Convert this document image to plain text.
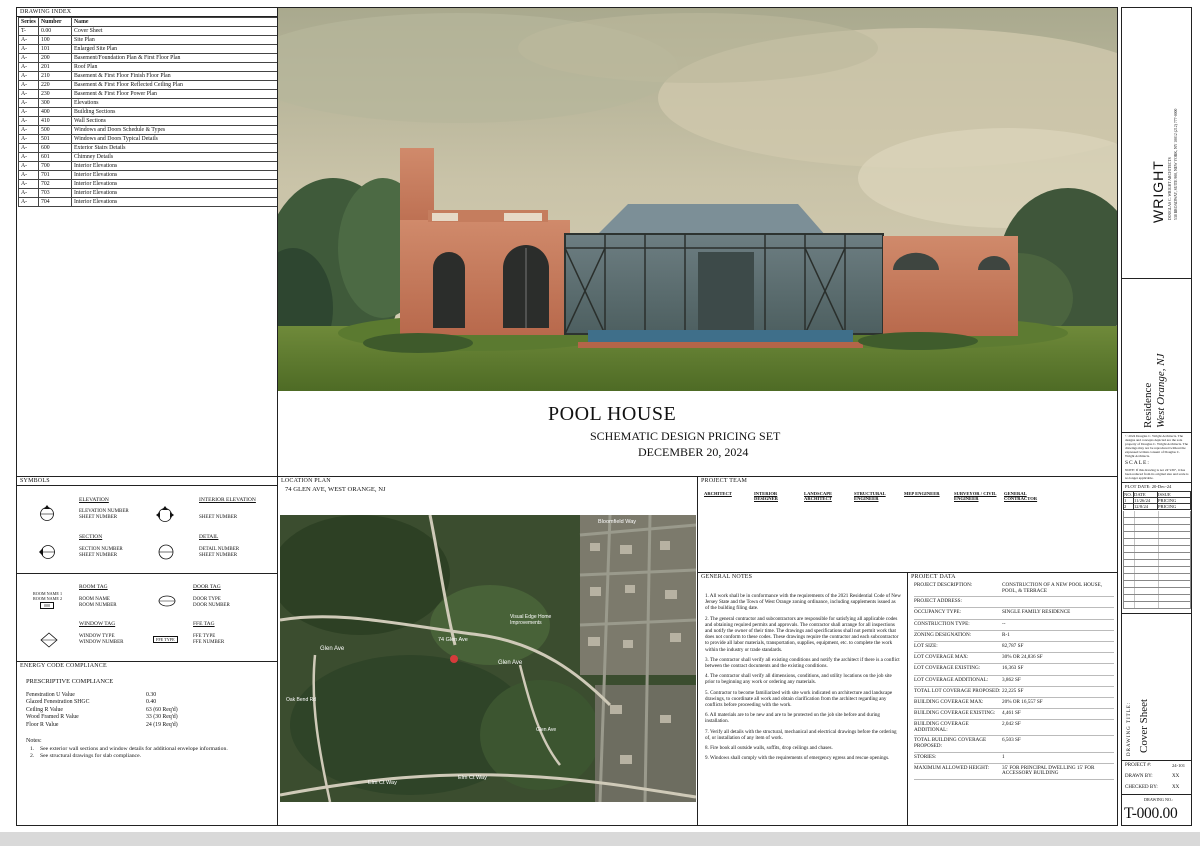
DRAWING INDEX
Series	Number	Name
T-	0.00	Cover Sheet
A-	100	Site Plan
A-	101	Enlarged Site Plan
A-	200	Basement/Foundation Plan & First Floor Plan
A-	201	Roof Plan
A-	210	Basement & First Floor Finish Floor Plan
A-	220	Basement & First Floor Reflected Ceiling Plan
A-	230	Basement & First Floor Power Plan
A-	300	Elevations
A-	400	Building Sections
A-	410	Wall Sections
A-	500	Windows and Doors Schedule & Types
A-	501	Windows and Doors Typical Details
A-	600	Exterior Stairs Details
A-	601	Chimney Details
A-	700	Interior Elevations
A-	701	Interior Elevations
A-	702	Interior Elevations
A-	703	Interior Elevations
A-	704	Interior Elevations
POOL HOUSE
SCHEMATIC DESIGN PRICING SET
DECEMBER 20, 2024
SYMBOLS
ELEVATION
ELEVATION NUMBER
SHEET NUMBER
INTERIOR ELEVATION
SHEET NUMBER
SECTION
SECTION NUMBER
SHEET NUMBER
DETAIL
DETAIL NUMBER
SHEET NUMBER
ROOM NAME 1
ROOM NAME 2
000
ROOM TAG
ROOM NAME
ROOM NUMBER
DOOR TAG
DOOR TYPE
DOOR NUMBER
WINDOW TAG
WINDOW TYPE
WINDOW NUMBER
FFE TYPE
FFE TAG
FFE TYPE
FFE NUMBER
ENERGY CODE COMPLIANCE
PRESCRIPTIVE COMPLIANCE
Fenestration U Value	0.30
Glazed Fenestration SHGC	0.40
Ceiling R Value	63 (60 Req'd)
Wood Framed R Value	33 (30 Req'd)
Floor R Value	24 (19 Req'd)
Notes:
1.    See exterior wall sections and window details for additional envelope information.
2.    See structural drawings for slab compliance.
LOCATION PLAN
74 GLEN AVE, WEST ORANGE, NJ
Glen Ave
Glen Ave
74 Glen Ave
Visual Edge Home Improvements
Elm Ct Way
Elm Ct Way
Bloomfield Way
Oak Bend Rd
Glen Ave
PROJECT TEAM
ARCHITECT	INTERIOR DESIGNER
LANDSCAPE ARCHITECT
STRUCTURAL ENGINEER
MEP ENGINEER	SURVEYOR / CIVIL ENGINEER
GENERAL CONTRACTOR
GENERAL NOTES
1. All work shall be in conformance with the requirements of the 2021 Residential Code of New Jersey State and the Town of West Orange zoning ordinance, including supplements issued as of the building filing date.
2. The general contractor and subcontractors are responsible for satisfying all applicable codes and obtaining required permits and approvals. The contractor shall arrange for all inspections and notify the owner of their time. The drawings and specifications shall not permit work that does not conform to these codes. These drawings require the contractor and each subcontractor to provide all labor materials, transportation, supplies, equipment, etc. to complete the work within the industry or trade standards.
3. The contractor shall verify all existing conditions and notify the architect if there is a conflict between the contract documents and the existing conditions.
4. The contractor shall verify all dimensions, conditions, and utility locations on the job site prior to beginning any work or ordering any materials.
5. Contractor to become familiarized with site work indicated on architecture and landscape drawings, to coordinate all work and obtain clarification from the architect regarding any conflicts before proceeding with the work.
6. All materials are to be new and are to be protected on the job site before and during installation.
7. Verify all details with the structural, mechanical and electrical drawings before the ordering of, or installation of any item of work.
8. Fire book all outside walls, soffits, drop ceilings and chases.
9. Windows shall comply with the requirements of emergency egress and rescue openings.
PROJECT DATA
PROJECT DESCRIPTION:	CONSTRUCTION OF A NEW POOL HOUSE, POOL, & TERRACE
PROJECT ADDRESS:
OCCUPANCY TYPE:	SINGLE FAMILY RESIDENCE
CONSTRUCTION TYPE:	--
ZONING DESIGNATION:	R-1
LOT SIZE:	82,787 SF
LOT COVERAGE MAX:	30% OR 24,836 SF
LOT COVERAGE EXISTING:	16,363 SF
LOT COVERAGE ADDITIONAL:	3,862 SF
TOTAL LOT COVERAGE PROPOSED: 22,225 SF
BUILDING COVERAGE MAX:	20% OR 16,557 SF
BUILDING COVERAGE EXISTING:	4,461 SF
BUILDING COVERAGE ADDITIONAL:
2,042 SF
TOTAL BUILDING COVERAGE PROPOSED:
6,503 SF
STORIES:	1
MAXIMUM ALLOWED HEIGHT:	35' FOR PRINCIPAL DWELLING 15' FOR ACCESSORY BUILDING
WRIGHT DOUGLAS C. WRIGHT ARCHITECTS 538 BROADWAY, SUITE 900, NEW YORK, NY 10012 (212) 777-0000
Residence West Orange, NJ
© 2024 Douglas C. Wright Architects. The designs and concepts depicted are the sole property of Douglas C. Wright Architects. The drawings may not be reproduced without the expressed written consent of Douglas C. Wright Architects.
SCALE:
NOTE: If this drawing is not 24"x36", it has been reduced from its original size and scale is no longer applicable.
PLOT DATE: 20-Dec-24
NO.	DATE	ISSUE
1	11/26/24	PRICING
2	12/8/24	PRICING
DRAWING TITLE: Cover Sheet
PROJECT #:	24-101
DRAWN BY:	XX
CHECKED BY:	XX
DRAWING NO.:
T-000.00
